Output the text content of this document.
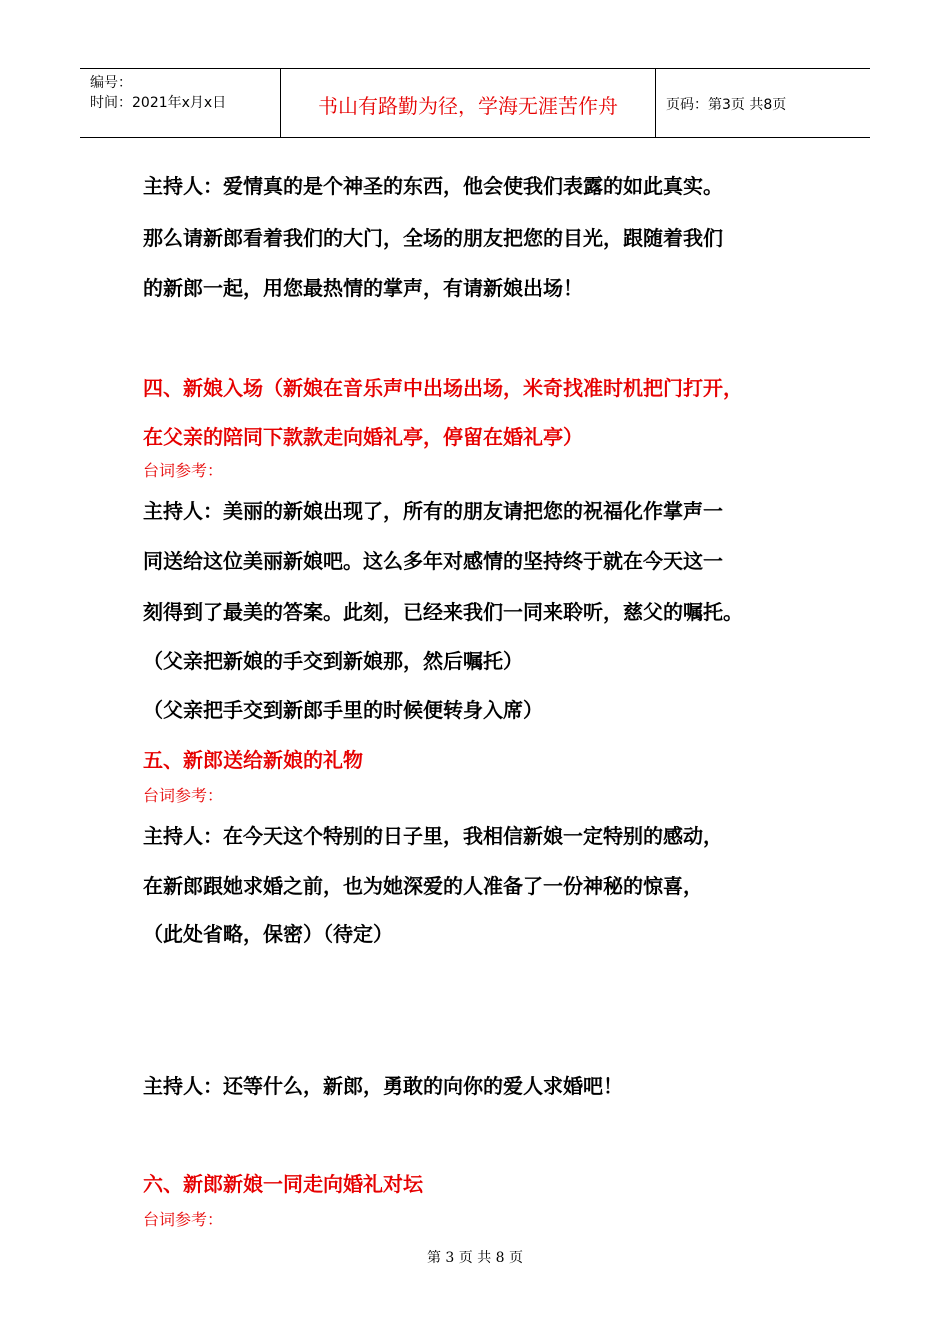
编号：
时间：2021年x月x日	书山有路勤为径，学海无涯苦作舟	页码：第3页 共8页
主持人：爱情真的是个神圣的东西，他会使我们表露的如此真实。
那么请新郎看着我们的大门，全场的朋友把您的目光，跟随着我们
的新郎一起，用您最热情的掌声，有请新娘出场！
四、新娘入场（新娘在音乐声中出场出场，米奇找准时机把门打开，
在父亲的陪同下款款走向婚礼亭，停留在婚礼亭）
台词参考：
主持人：美丽的新娘出现了，所有的朋友请把您的祝福化作掌声一
同送给这位美丽新娘吧。这么多年对感情的坚持终于就在今天这一
刻得到了最美的答案。此刻，已经来我们一同来聆听，慈父的嘱托。
（父亲把新娘的手交到新娘那，然后嘱托）
（父亲把手交到新郎手里的时候便转身入席）
五、新郎送给新娘的礼物
台词参考：
主持人：在今天这个特别的日子里，我相信新娘一定特别的感动，
在新郎跟她求婚之前，也为她深爱的人准备了一份神秘的惊喜，
（此处省略，保密）（待定）
主持人：还等什么，新郎，勇敢的向你的爱人求婚吧！
六、新郎新娘一同走向婚礼对坛
台词参考：
第 3 页 共 8 页
